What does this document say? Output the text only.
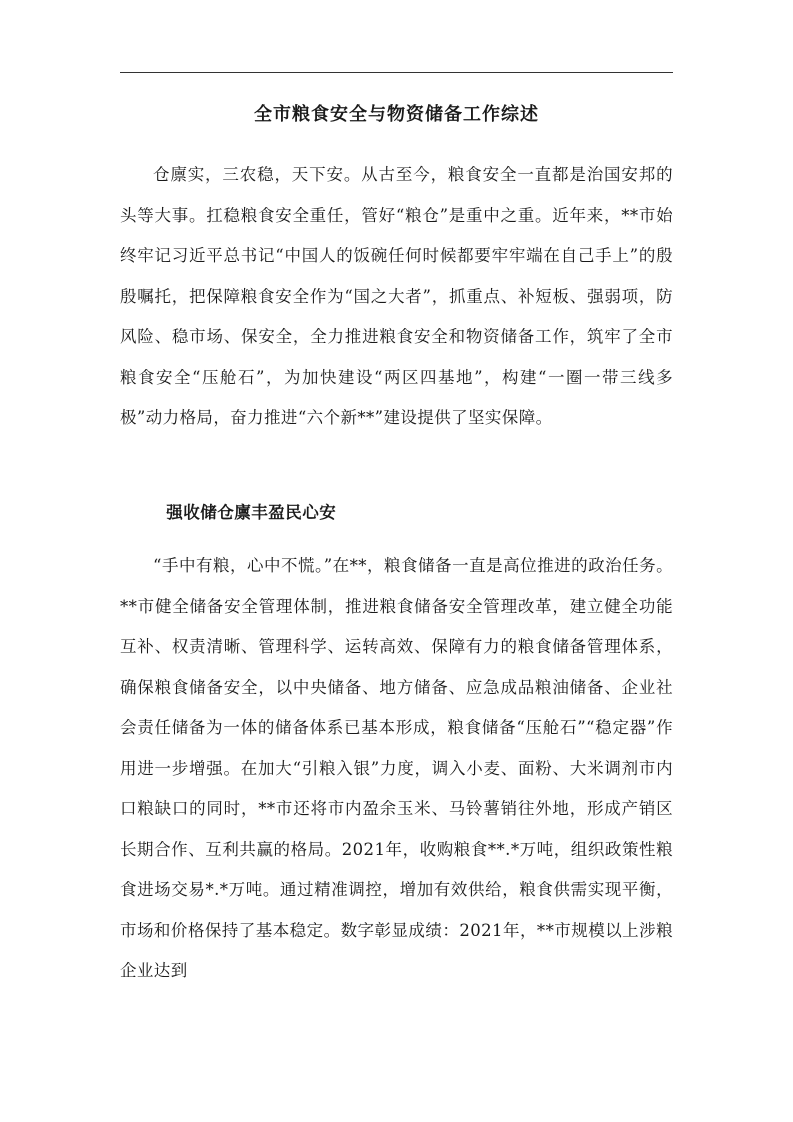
全市粮食安全与物资储备工作综述

仓廪实，三农稳，天下安。从古至今，粮食安全一直都是治国安邦的头等大事。扛稳粮食安全重任，管好“粮仓”是重中之重。近年来，**市始终牢记习近平总书记“中国人的饭碗任何时候都要牢牢端在自己手上”的殷殷嘱托，把保障粮食安全作为“国之大者”，抓重点、补短板、强弱项，防风险、稳市场、保安全，全力推进粮食安全和物资储备工作，筑牢了全市粮食安全“压舱石”，为加快建设“两区四基地”，构建“一圈一带三线多极”动力格局，奋力推进“六个新**”建设提供了坚实保障。

强收储仓廪丰盈民心安

“手中有粮，心中不慌。”在**，粮食储备一直是高位推进的政治任务。**市健全储备安全管理体制，推进粮食储备安全管理改革，建立健全功能互补、权责清晰、管理科学、运转高效、保障有力的粮食储备管理体系，确保粮食储备安全，以中央储备、地方储备、应急成品粮油储备、企业社会责任储备为一体的储备体系已基本形成，粮食储备“压舱石”“稳定器”作用进一步增强。在加大“引粮入银”力度，调入小麦、面粉、大米调剂市内口粮缺口的同时，**市还将市内盈余玉米、马铃薯销往外地，形成产销区长期合作、互利共赢的格局。2021年，收购粮食**.*万吨，组织政策性粮食进场交易*.*万吨。通过精准调控，增加有效供给，粮食供需实现平衡，市场和价格保持了基本稳定。数字彰显成绩：2021年，**市规模以上涉粮企业达到
